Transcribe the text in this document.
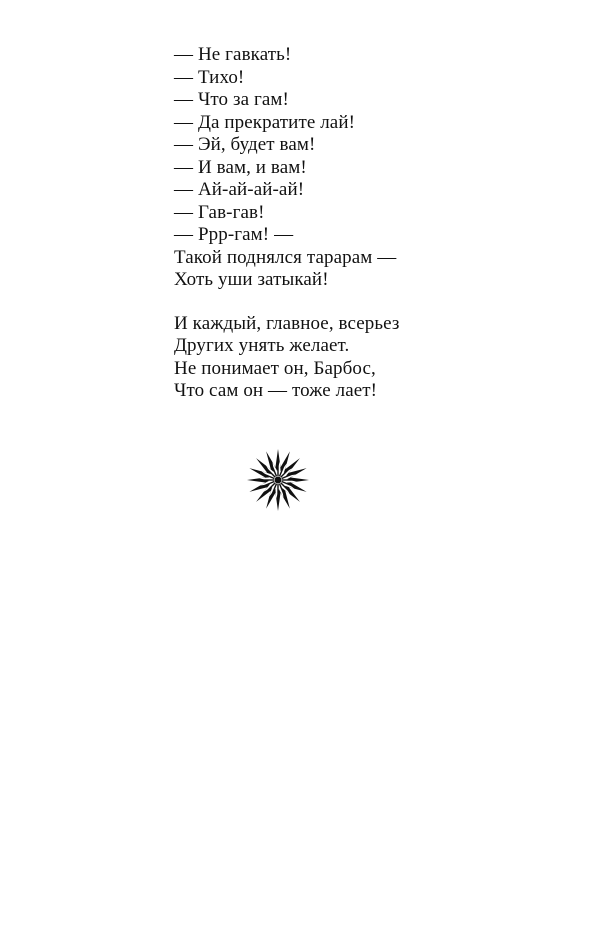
— Не гавкать!
— Тихо!
— Что за гам!
— Да прекратите лай!
— Эй, будет вам!
— И вам, и вам!
— Ай-ай-ай-ай!
— Гав-гав!
— Ррр-гам! —
Такой поднялся тарарам —
Хоть уши затыкай!
И каждый, главное, всерьез
Других унять желает.
Не понимает он, Барбос,
Что сам он — тоже лает!
